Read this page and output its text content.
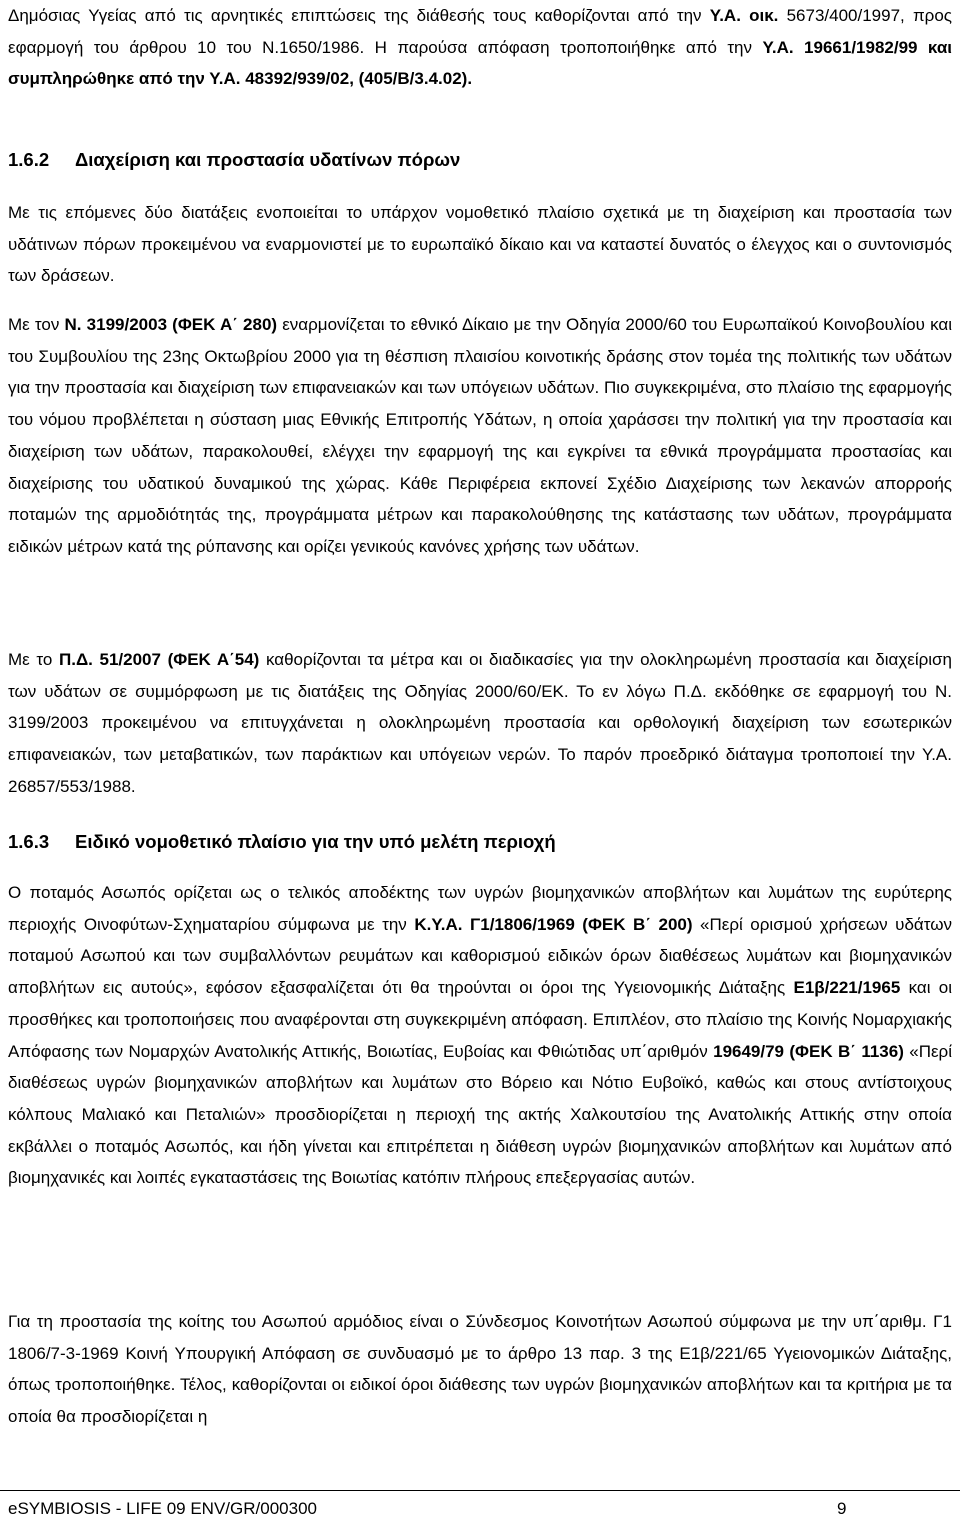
Δημόσιας Υγείας από τις αρνητικές επιπτώσεις της διάθεσής τους καθορίζονται από την Υ.Α. οικ. 5673/400/1997, προς εφαρμογή του άρθρου 10 του Ν.1650/1986. Η παρούσα απόφαση τροποποιήθηκε από την Υ.Α. 19661/1982/99 και συμπληρώθηκε από την Υ.Α. 48392/939/02, (405/Β/3.4.02).
1.6.2 Διαχείριση και προστασία υδατίνων πόρων
Με τις επόμενες δύο διατάξεις ενοποιείται το υπάρχον νομοθετικό πλαίσιο σχετικά με τη διαχείριση και προστασία των υδάτινων πόρων προκειμένου να εναρμονιστεί με το ευρωπαϊκό δίκαιο και να καταστεί δυνατός ο έλεγχος και ο συντονισμός των δράσεων.
Με τον Ν. 3199/2003 (ΦΕΚ Α΄ 280) εναρμονίζεται το εθνικό Δίκαιο με την Οδηγία 2000/60 του Ευρωπαϊκού Κοινοβουλίου και του Συμβουλίου της 23ης Οκτωβρίου 2000 για τη θέσπιση πλαισίου κοινοτικής δράσης στον τομέα της πολιτικής των υδάτων για την προστασία και διαχείριση των επιφανειακών και των υπόγειων υδάτων. Πιο συγκεκριμένα, στο πλαίσιο της εφαρμογής του νόμου προβλέπεται η σύσταση μιας Εθνικής Επιτροπής Υδάτων, η οποία χαράσσει την πολιτική για την προστασία και διαχείριση των υδάτων, παρακολουθεί, ελέγχει την εφαρμογή της και εγκρίνει τα εθνικά προγράμματα προστασίας και διαχείρισης του υδατικού δυναμικού της χώρας. Κάθε Περιφέρεια εκπονεί Σχέδιο Διαχείρισης των λεκανών απορροής ποταμών της αρμοδιότητάς της, προγράμματα μέτρων και παρακολούθησης της κατάστασης των υδάτων, προγράμματα ειδικών μέτρων κατά της ρύπανσης και ορίζει γενικούς κανόνες χρήσης των υδάτων.
Με το Π.Δ. 51/2007 (ΦΕΚ Α΄54) καθορίζονται τα μέτρα και οι διαδικασίες για την ολοκληρωμένη προστασία και διαχείριση των υδάτων σε συμμόρφωση με τις διατάξεις της Οδηγίας 2000/60/ΕΚ. Το εν λόγω Π.Δ. εκδόθηκε σε εφαρμογή του Ν. 3199/2003 προκειμένου να επιτυγχάνεται η ολοκληρωμένη προστασία και ορθολογική διαχείριση των εσωτερικών επιφανειακών, των μεταβατικών, των παράκτιων και υπόγειων νερών. Το παρόν προεδρικό διάταγμα τροποποιεί την Υ.Α. 26857/553/1988.
1.6.3 Ειδικό νομοθετικό πλαίσιο για την υπό μελέτη περιοχή
Ο ποταμός Ασωπός ορίζεται ως ο τελικός αποδέκτης των υγρών βιομηχανικών αποβλήτων και λυμάτων της ευρύτερης περιοχής Οινοφύτων-Σχηματαρίου σύμφωνα με την Κ.Υ.Α. Γ1/1806/1969 (ΦΕΚ Β΄ 200) «Περί ορισμού χρήσεων υδάτων ποταμού Ασωπού και των συμβαλλόντων ρευμάτων και καθορισμού ειδικών όρων διαθέσεως λυμάτων και βιομηχανικών αποβλήτων εις αυτούς», εφόσον εξασφαλίζεται ότι θα τηρούνται οι όροι της Υγειονομικής Διάταξης Ε1β/221/1965 και οι προσθήκες και τροποποιήσεις που αναφέρονται στη συγκεκριμένη απόφαση. Επιπλέον, στο πλαίσιο της Κοινής Νομαρχιακής Απόφασης των Νομαρχών Ανατολικής Αττικής, Βοιωτίας, Ευβοίας και Φθιώτιδας υπ΄αριθμόν 19649/79 (ΦΕΚ Β΄ 1136) «Περί διαθέσεως υγρών βιομηχανικών αποβλήτων και λυμάτων στο Βόρειο και Νότιο Ευβοϊκό, καθώς και στους αντίστοιχους κόλπους Μαλιακό και Πεταλιών» προσδιορίζεται η περιοχή της ακτής Χαλκουτσίου της Ανατολικής Αττικής στην οποία εκβάλλει ο ποταμός Ασωπός, και ήδη γίνεται και επιτρέπεται η διάθεση υγρών βιομηχανικών αποβλήτων και λυμάτων από βιομηχανικές και λοιπές εγκαταστάσεις της Βοιωτίας κατόπιν πλήρους επεξεργασίας αυτών.
Για τη προστασία της κοίτης του Ασωπού αρμόδιος είναι ο Σύνδεσμος Κοινοτήτων Ασωπού σύμφωνα με την υπ΄αριθμ. Γ1 1806/7-3-1969 Κοινή Υπουργική Απόφαση σε συνδυασμό με το άρθρο 13 παρ. 3 της Ε1β/221/65 Υγειονομικών Διάταξης, όπως τροποποιήθηκε. Τέλος, καθορίζονται οι ειδικοί όροι διάθεσης των υγρών βιομηχανικών αποβλήτων και τα κριτήρια με τα οποία θα προσδιορίζεται η
eSYMBIOSIS - LIFE 09 ENV/GR/000300	9
